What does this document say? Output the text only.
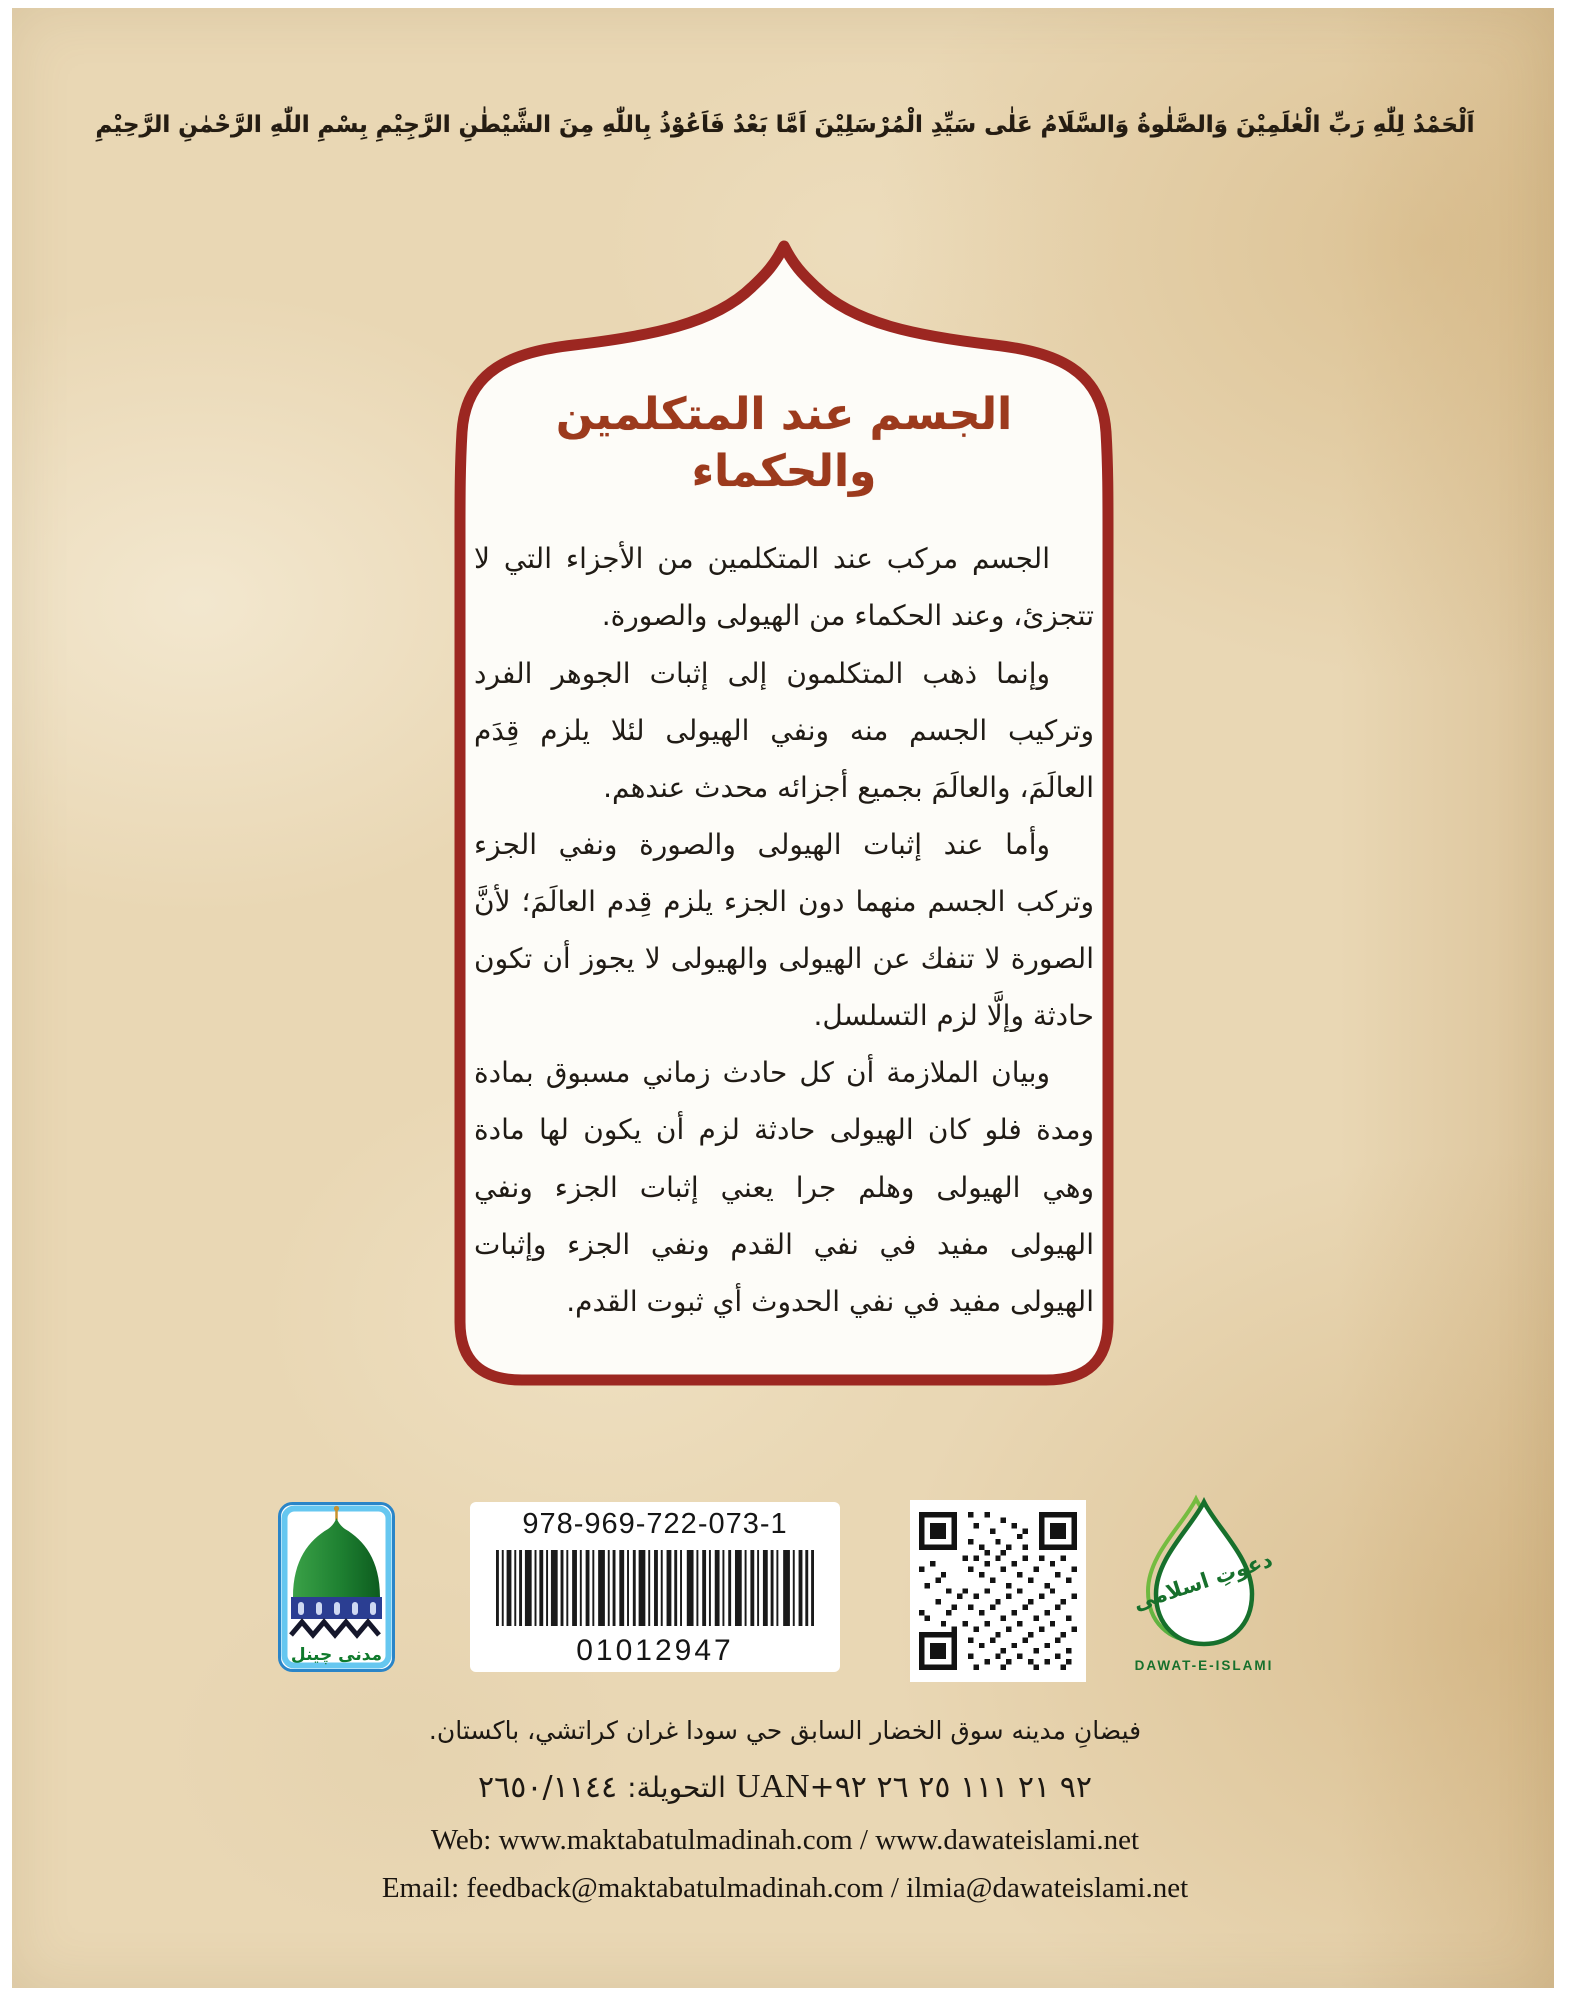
اَلْحَمْدُ لِلّٰهِ رَبِّ الْعٰلَمِيْنَ وَالصَّلٰوةُ وَالسَّلَامُ عَلٰى سَيِّدِ الْمُرْسَلِيْنَ اَمَّا بَعْدُ فَاَعُوْذُ بِاللّٰهِ مِنَ الشَّيْطٰنِ الرَّجِيْمِ بِسْمِ اللّٰهِ الرَّحْمٰنِ الرَّحِيْمِ
الجسم عند المتكلمين والحكماء

الجسم مركب عند المتكلمين من الأجزاء التي لا تتجزئ، وعند الحكماء من الهيولى والصورة.

وإنما ذهب المتكلمون إلى إثبات الجوهر الفرد وتركيب الجسم منه ونفي الهيولى لئلا يلزم قِدَم العالَمَ، والعالَمَ بجميع أجزائه محدث عندهم.

وأما عند إثبات الهيولى والصورة ونفي الجزء وتركب الجسم منهما دون الجزء يلزم قِدم العالَمَ؛ لأنَّ الصورة لا تنفك عن الهيولى والهيولى لا يجوز أن تكون حادثة وإلَّا لزم التسلسل.

وبيان الملازمة أن كل حادث زماني مسبوق بمادة ومدة فلو كان الهيولى حادثة لزم أن يكون لها مادة وهي الهيولى وهلم جرا يعني إثبات الجزء ونفي الهيولى مفيد في نفي القدم ونفي الجزء وإثبات الهيولى مفيد في نفي الحدوث أي ثبوت القدم.

مدنی چینل
978-969-722-073-1
01012947
دعوتِ اسلامی
DAWAT-E-ISLAMI
فيضانِ مدينه سوق الخضار السابق حي سودا غران كراتشي، باكستان.
٢٦٥٠/١١٤٤ التحويلة: UAN+٩٢ ٢١ ١١١ ٢٥ ٢٦ ٩٢
Web: www.maktabatulmadinah.com / www.dawateislami.net
Email: feedback@maktabatulmadinah.com / ilmia@dawateislami.net
